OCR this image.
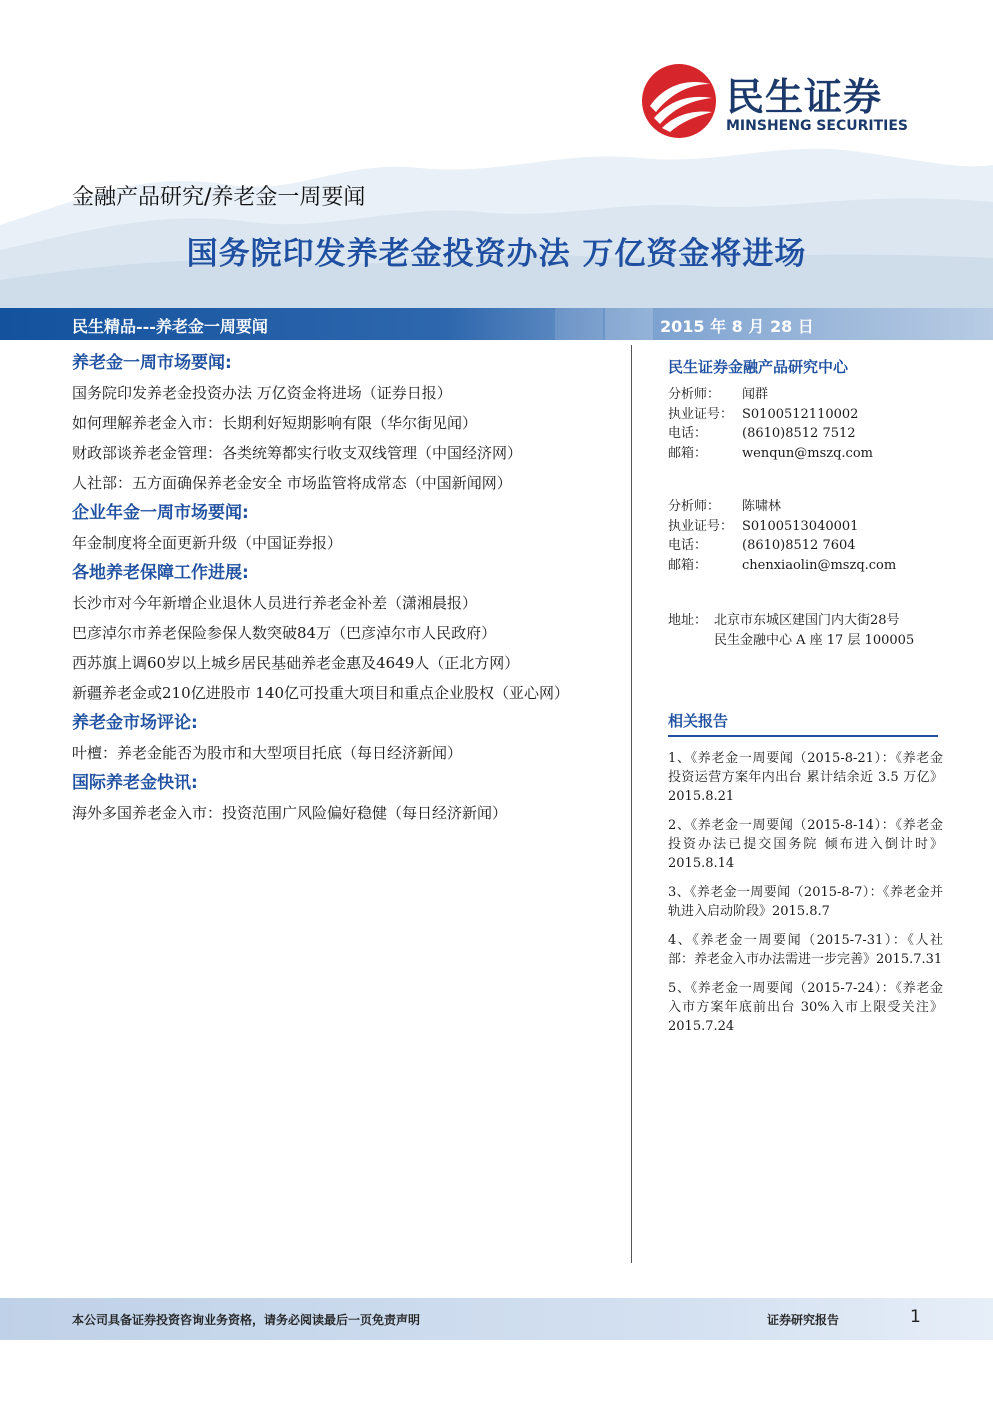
民生证券
MINSHENG SECURITIES
金融产品研究/养老金一周要闻
国务院印发养老金投资办法 万亿资金将进场
民生精品---养老金一周要闻	2015 年 8 月 28 日
养老金一周市场要闻:
国务院印发养老金投资办法 万亿资金将进场（证券日报）
如何理解养老金入市：长期利好短期影响有限（华尔街见闻）
财政部谈养老金管理：各类统筹都实行收支双线管理（中国经济网）
人社部：五方面确保养老金安全 市场监管将成常态（中国新闻网）
企业年金一周市场要闻:
年金制度将全面更新升级（中国证券报）
各地养老保障工作进展:
长沙市对今年新增企业退休人员进行养老金补差（潇湘晨报）
巴彦淖尔市养老保险参保人数突破84万（巴彦淖尔市人民政府）
西苏旗上调60岁以上城乡居民基础养老金惠及4649人（正北方网）
新疆养老金或210亿进股市 140亿可投重大项目和重点企业股权（亚心网）
养老金市场评论:
叶檀：养老金能否为股市和大型项目托底（每日经济新闻）
国际养老金快讯:
海外多国养老金入市：投资范围广风险偏好稳健（每日经济新闻）
民生证券金融产品研究中心
分析师： 闻群
执业证号： S0100512110002
电话：	(8610)8512 7512
邮箱：	wenqun@mszq.com
分析师： 陈啸林
执业证号： S0100513040001
电话：	(8610)8512 7604
邮箱：	chenxiaolin@mszq.com
地址： 北京市东城区建国门内大街28号
民生金融中心 A 座 17 层 100005
相关报告
1、《养老金一周要闻（2015-8-21）：《养老金投资运营方案年内出台 累计结余近 3.5 万亿》2015.8.21
2、《养老金一周要闻（2015-8-14）：《养老金投资办法已提交国务院 倾布进入倒计时》2015.8.14
3、《养老金一周要闻（2015-8-7）：《养老金并轨进入启动阶段》2015.8.7
4、《养老金一周要闻（2015-7-31）：《人社部：养老金入市办法需进一步完善》2015.7.31
5、《养老金一周要闻（2015-7-24）：《养老金入市方案年底前出台 30%入市上限受关注》2015.7.24
本公司具备证券投资咨询业务资格，请务必阅读最后一页免责声明	证券研究报告	1
